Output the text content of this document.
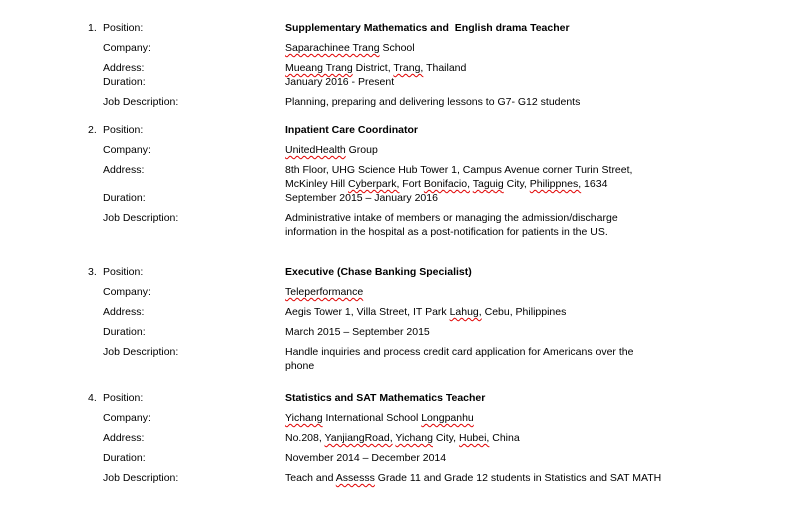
1. Position:	Supplementary Mathematics and  English drama Teacher
Company:	Saparachinee Trang School
Address:	Mueang Trang District, Trang, Thailand
Duration:	January 2016 - Present
Job Description:	Planning, preparing and delivering lessons to G7- G12 students
2. Position:	Inpatient Care Coordinator
Company:	UnitedHealth Group
Address:	8th Floor, UHG Science Hub Tower 1, Campus Avenue corner Turin Street,
McKinley Hill Cyberpark, Fort Bonifacio, Taguig City, Philippnes, 1634
Duration:	September 2015 – January 2016
Job Description:	Administrative intake of members or managing the admission/discharge
information in the hospital as a post-notification for patients in the US.
3. Position:	Executive (Chase Banking Specialist)
Company:	Teleperformance
Address:	Aegis Tower 1, Villa Street, IT Park Lahug, Cebu, Philippines
Duration:	March 2015 – September 2015
Job Description:	Handle inquiries and process credit card application for Americans over the
phone
4. Position:	Statistics and SAT Mathematics Teacher
Company:	Yichang International School Longpanhu
Address:	No.208, YanjiangRoad, Yichang City, Hubei, China
Duration:	November 2014 – December 2014
Job Description:	Teach and Assesss Grade 11 and Grade 12 students in Statistics and SAT MATH
